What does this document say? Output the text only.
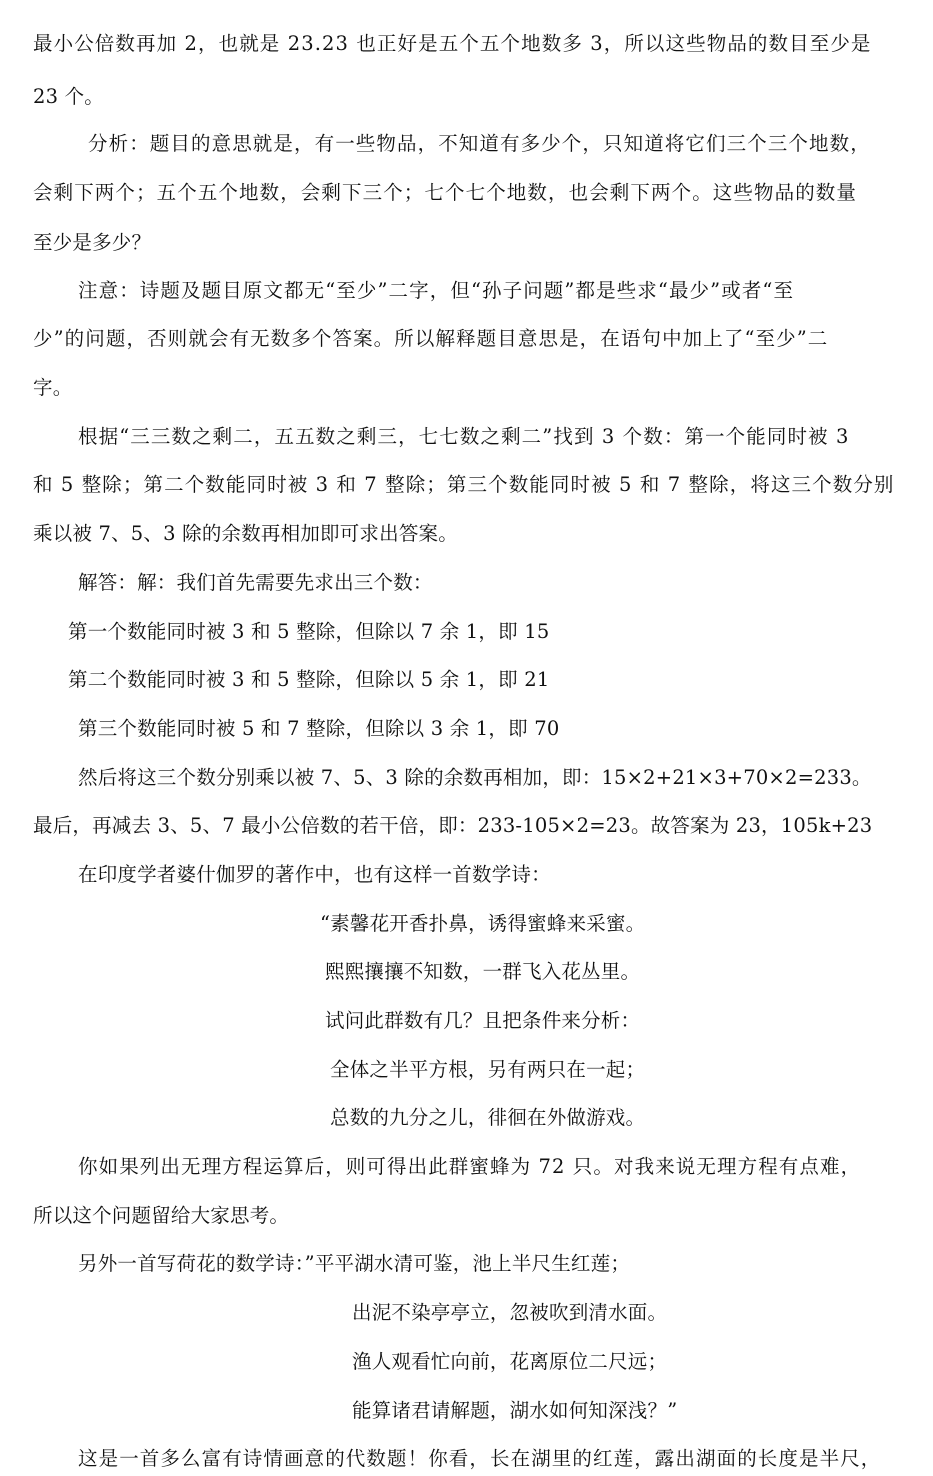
最小公倍数再加 2，也就是 23.23 也正好是五个五个地数多 3，所以这些物品的数目至少是
23 个。
分析：题目的意思就是，有一些物品，不知道有多少个，只知道将它们三个三个地数，
会剩下两个；五个五个地数，会剩下三个；七个七个地数，也会剩下两个。这些物品的数量
至少是多少？
注意：诗题及题目原文都无“至少”二字，但“孙子问题”都是些求“最少”或者“至
少”的问题，否则就会有无数多个答案。所以解释题目意思是，在语句中加上了“至少”二
字。
根据“三三数之剩二，五五数之剩三，七七数之剩二”找到 3 个数：第一个能同时被 3
和 5 整除；第二个数能同时被 3 和 7 整除；第三个数能同时被 5 和 7 整除，将这三个数分别
乘以被 7、5、3 除的余数再相加即可求出答案。
解答：解：我们首先需要先求出三个数：
第一个数能同时被 3 和 5 整除，但除以 7 余 1，即 15
第二个数能同时被 3 和 5 整除，但除以 5 余 1，即 21
第三个数能同时被 5 和 7 整除，但除以 3 余 1，即 70
然后将这三个数分别乘以被 7、5、3 除的余数再相加，即：15×2+21×3+70×2=233。
最后，再减去 3、5、7 最小公倍数的若干倍，即：233-105×2=23。故答案为 23，105k+23
在印度学者婆什伽罗的著作中，也有这样一首数学诗：
“素馨花开香扑鼻，诱得蜜蜂来采蜜。
熙熙攘攘不知数，一群飞入花丛里。
试问此群数有几？且把条件来分析：
全体之半平方根，另有两只在一起；
总数的九分之儿，徘徊在外做游戏。
你如果列出无理方程运算后，则可得出此群蜜蜂为 72 只。对我来说无理方程有点难，
所以这个问题留给大家思考。
另外一首写荷花的数学诗：”平平湖水清可鉴，池上半尺生红莲；
出泥不染亭亭立，忽被吹到清水面。
渔人观看忙向前，花离原位二尺远；
能算诸君请解题，湖水如何知深浅？”
这是一首多么富有诗情画意的代数题！你看，长在湖里的红莲，露出湖面的长度是半尺，
